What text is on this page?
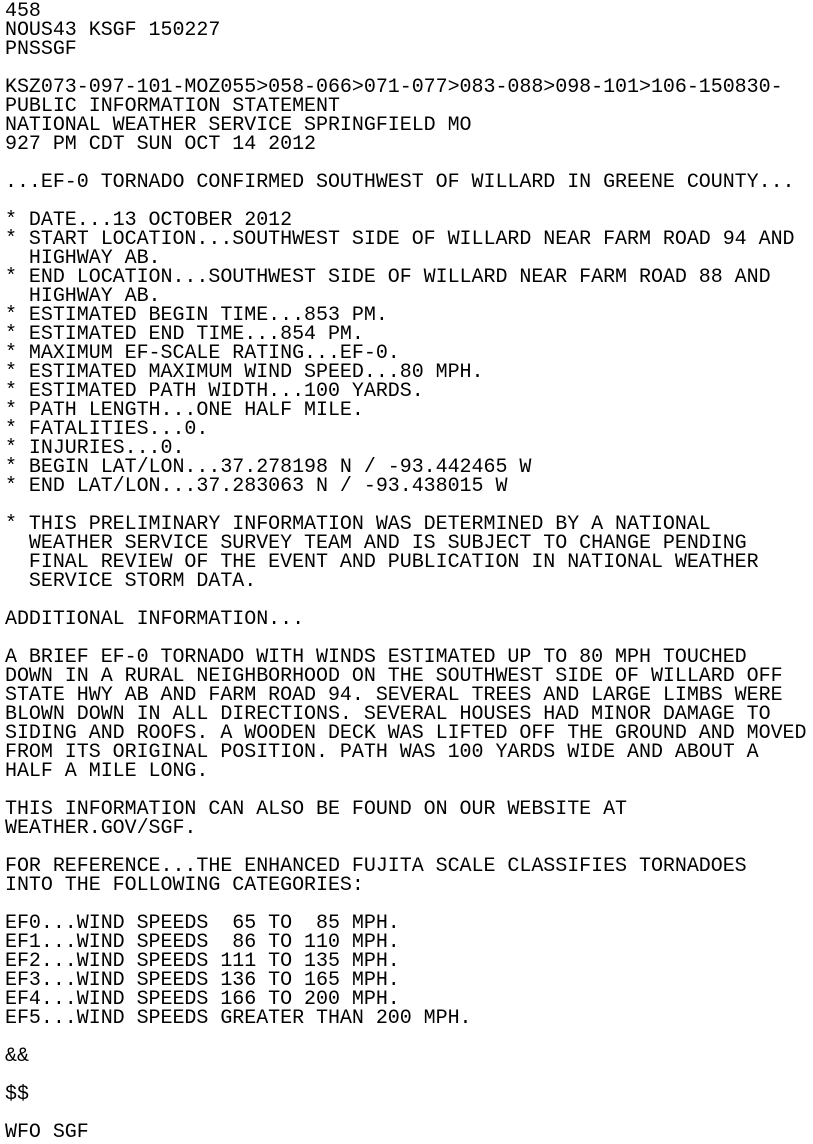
458
NOUS43 KSGF 150227
PNSSGF
KSZ073-097-101-MOZ055>058-066>071-077>083-088>098-101>106-150830-
PUBLIC INFORMATION STATEMENT
NATIONAL WEATHER SERVICE SPRINGFIELD MO
927 PM CDT SUN OCT 14 2012
...EF-0 TORNADO CONFIRMED SOUTHWEST OF WILLARD IN GREENE COUNTY...
* DATE...13 OCTOBER 2012
* START LOCATION...SOUTHWEST SIDE OF WILLARD NEAR FARM ROAD 94 AND
HIGHWAY AB.
* END LOCATION...SOUTHWEST SIDE OF WILLARD NEAR FARM ROAD 88 AND
HIGHWAY AB.
* ESTIMATED BEGIN TIME...853 PM.
* ESTIMATED END TIME...854 PM.
* MAXIMUM EF-SCALE RATING...EF-0.
* ESTIMATED MAXIMUM WIND SPEED...80 MPH.
* ESTIMATED PATH WIDTH...100 YARDS.
* PATH LENGTH...ONE HALF MILE.
* FATALITIES...0.
* INJURIES...0.
* BEGIN LAT/LON...37.278198 N / -93.442465 W
* END LAT/LON...37.283063 N / -93.438015 W
* THIS PRELIMINARY INFORMATION WAS DETERMINED BY A NATIONAL
WEATHER SERVICE SURVEY TEAM AND IS SUBJECT TO CHANGE PENDING
FINAL REVIEW OF THE EVENT AND PUBLICATION IN NATIONAL WEATHER
SERVICE STORM DATA.
ADDITIONAL INFORMATION...
A BRIEF EF-0 TORNADO WITH WINDS ESTIMATED UP TO 80 MPH TOUCHED
DOWN IN A RURAL NEIGHBORHOOD ON THE SOUTHWEST SIDE OF WILLARD OFF
STATE HWY AB AND FARM ROAD 94. SEVERAL TREES AND LARGE LIMBS WERE
BLOWN DOWN IN ALL DIRECTIONS. SEVERAL HOUSES HAD MINOR DAMAGE TO
SIDING AND ROOFS. A WOODEN DECK WAS LIFTED OFF THE GROUND AND MOVED
FROM ITS ORIGINAL POSITION. PATH WAS 100 YARDS WIDE AND ABOUT A
HALF A MILE LONG.
THIS INFORMATION CAN ALSO BE FOUND ON OUR WEBSITE AT
WEATHER.GOV/SGF.
FOR REFERENCE...THE ENHANCED FUJITA SCALE CLASSIFIES TORNADOES
INTO THE FOLLOWING CATEGORIES:
EF0...WIND SPEEDS  65 TO  85 MPH.
EF1...WIND SPEEDS  86 TO 110 MPH.
EF2...WIND SPEEDS 111 TO 135 MPH.
EF3...WIND SPEEDS 136 TO 165 MPH.
EF4...WIND SPEEDS 166 TO 200 MPH.
EF5...WIND SPEEDS GREATER THAN 200 MPH.
&&
$$
WFO SGF
